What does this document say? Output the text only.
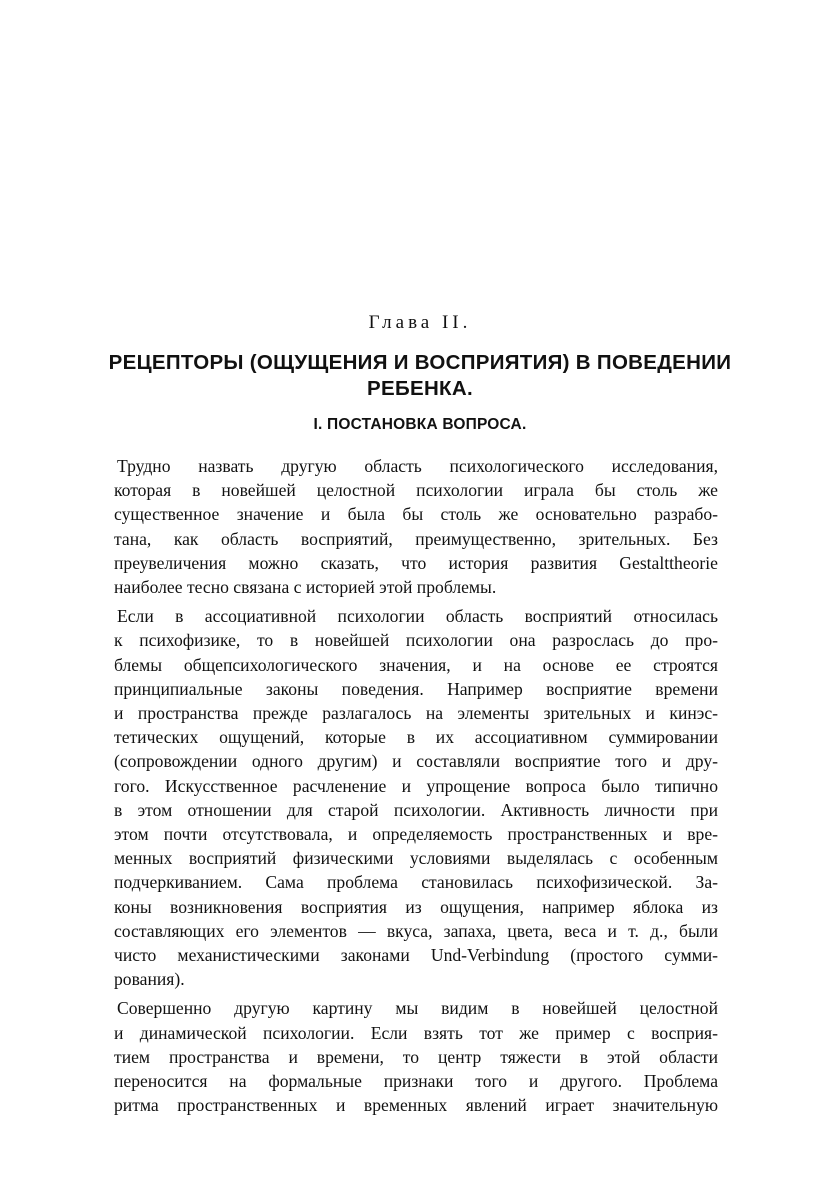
Глава II.
РЕЦЕПТОРЫ (ОЩУЩЕНИЯ И ВОСПРИЯТИЯ) В ПОВЕДЕНИИ
РЕБЕНКА.
I. ПОСТАНОВКА ВОПРОСА.
Трудно назвать другую область психологического исследования,
которая в новейшей целостной психологии играла бы столь же
существенное значение и была бы столь же основательно разрабо-
тана, как область восприятий, преимущественно, зрительных. Без
преувеличения можно сказать, что история развития Gestalttheorie
наиболее тесно связана с историей этой проблемы.
Если в ассоциативной психологии область восприятий относилась
к психофизике, то в новейшей психологии она разрослась до про-
блемы общепсихологического значения, и на основе ее строятся
принципиальные законы поведения. Например восприятие времени
и пространства прежде разлагалось на элементы зрительных и кинэс-
тетических ощущений, которые в их ассоциативном суммировании
(сопровождении одного другим) и составляли восприятие того и дру-
гого. Искусственное расчленение и упрощение вопроса было типично
в этом отношении для старой психологии. Активность личности при
этом почти отсутствовала, и определяемость пространственных и вре-
менных восприятий физическими условиями выделялась с особенным
подчеркиванием. Сама проблема становилась психофизической. За-
коны возникновения восприятия из ощущения, например яблока из
составляющих его элементов — вкуса, запаха, цвета, веса и т. д., были
чисто механистическими законами Und-Verbindung (простого сумми-
рования).
Совершенно другую картину мы видим в новейшей целостной
и динамической психологии. Если взять тот же пример с восприя-
тием пространства и времени, то центр тяжести в этой области
переносится на формальные признаки того и другого. Проблема
ритма пространственных и временных явлений играет значительную
